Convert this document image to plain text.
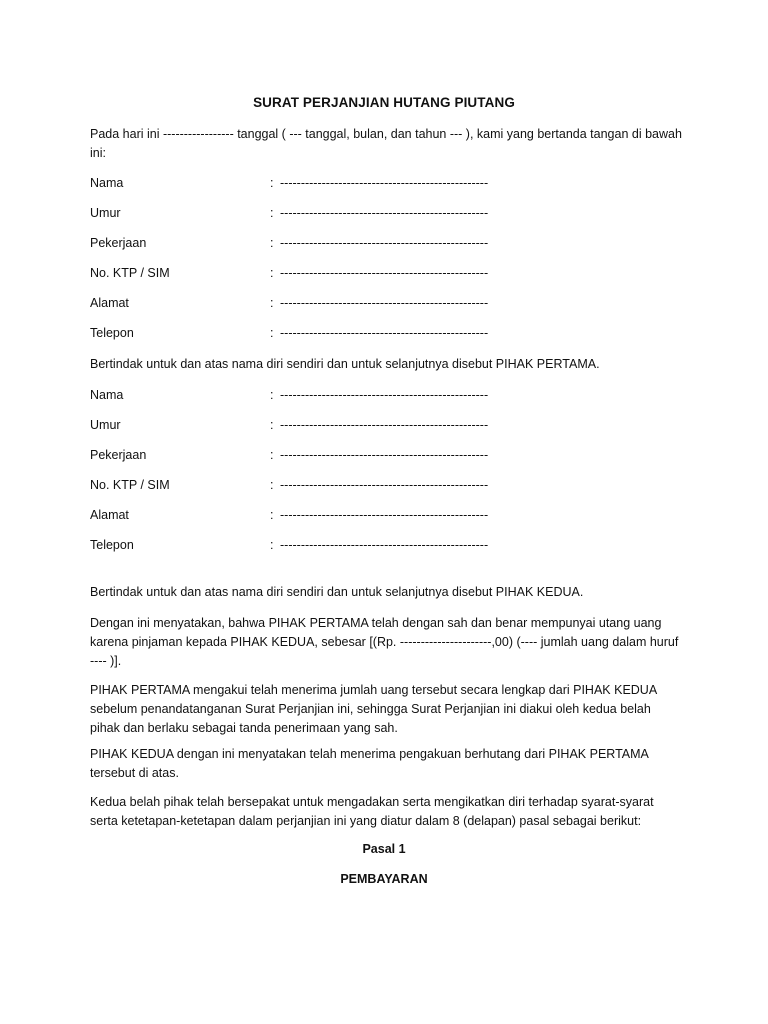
SURAT PERJANJIAN HUTANG PIUTANG

Pada hari ini ----------------- tanggal ( --- tanggal, bulan, dan tahun --- ), kami yang bertanda tangan di bawah ini:

Nama	: --------------------------------------------------
Umur	: --------------------------------------------------
Pekerjaan	: --------------------------------------------------
No. KTP / SIM	: --------------------------------------------------
Alamat	: --------------------------------------------------
Telepon	: --------------------------------------------------

Bertindak untuk dan atas nama diri sendiri dan untuk selanjutnya disebut PIHAK PERTAMA.

Nama	: --------------------------------------------------
Umur	: --------------------------------------------------
Pekerjaan	: --------------------------------------------------
No. KTP / SIM	: --------------------------------------------------
Alamat	: --------------------------------------------------
Telepon	: --------------------------------------------------

Bertindak untuk dan atas nama diri sendiri dan untuk selanjutnya disebut PIHAK KEDUA.

Dengan ini menyatakan, bahwa PIHAK PERTAMA telah dengan sah dan benar mempunyai utang uang karena pinjaman kepada PIHAK KEDUA, sebesar [(Rp. ----------------------,00) (---- jumlah uang dalam huruf ---- )].

PIHAK PERTAMA mengakui telah menerima jumlah uang tersebut secara lengkap dari PIHAK KEDUA sebelum penandatanganan Surat Perjanjian ini, sehingga Surat Perjanjian ini diakui oleh kedua belah pihak dan berlaku sebagai tanda penerimaan yang sah.

PIHAK KEDUA dengan ini menyatakan telah menerima pengakuan berhutang dari PIHAK PERTAMA tersebut di atas.

Kedua belah pihak telah bersepakat untuk mengadakan serta mengikatkan diri terhadap syarat-syarat serta ketetapan-ketetapan dalam perjanjian ini yang diatur dalam 8 (delapan) pasal sebagai berikut:

Pasal 1
PEMBAYARAN
